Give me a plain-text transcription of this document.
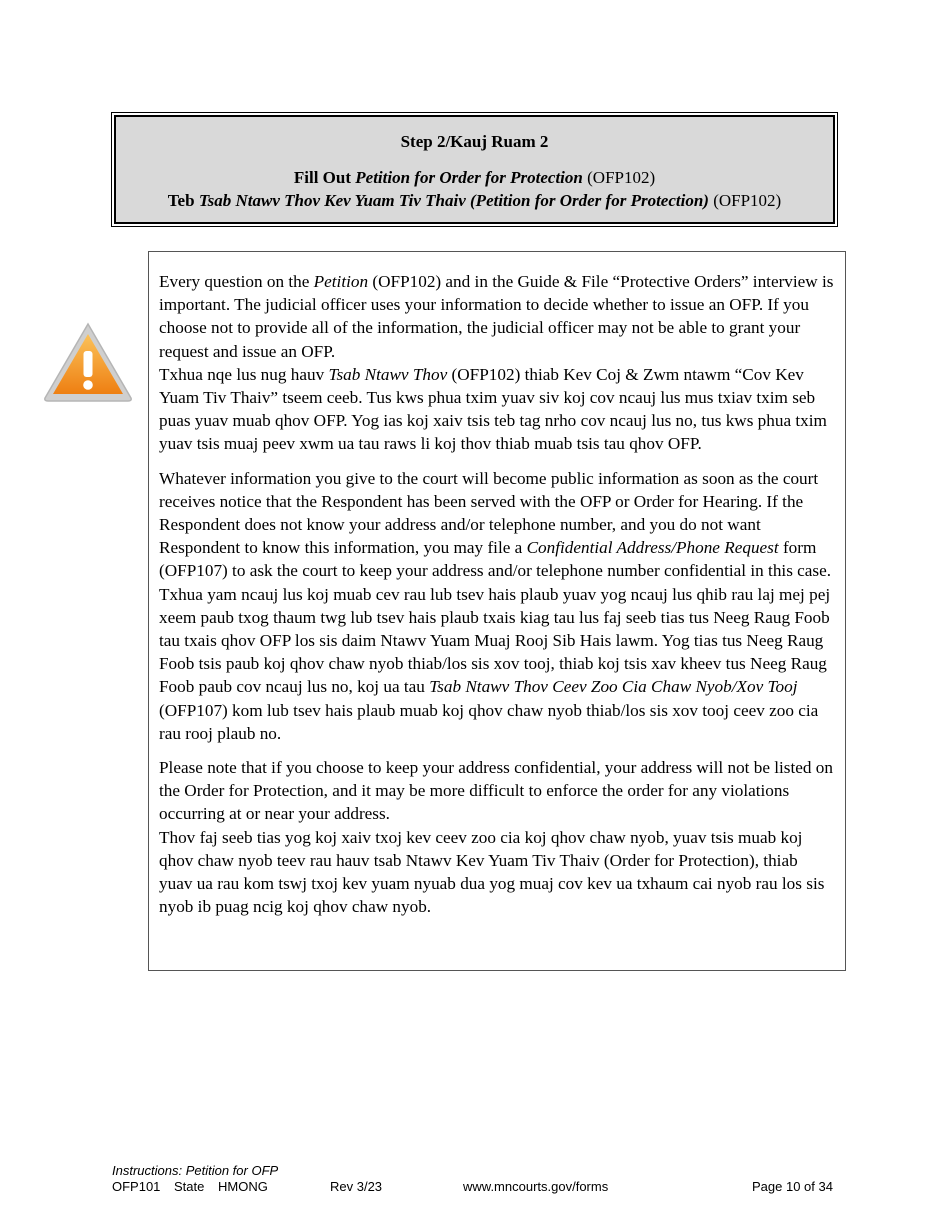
Step 2/Kauj Ruam 2
Fill Out Petition for Order for Protection (OFP102)
Teb Tsab Ntawv Thov Kev Yuam Tiv Thaiv (Petition for Order for Protection) (OFP102)

Every question on the Petition (OFP102) and in the Guide & File “Protective Orders” interview is important. The judicial officer uses your information to decide whether to issue an OFP. If you choose not to provide all of the information, the judicial officer may not be able to grant your request and issue an OFP.
Txhua nqe lus nug hauv Tsab Ntawv Thov (OFP102) thiab Kev Coj & Zwm ntawm “Cov Kev Yuam Tiv Thaiv” tseem ceeb. Tus kws phua txim yuav siv koj cov ncauj lus mus txiav txim seb puas yuav muab qhov OFP. Yog ias koj xaiv tsis teb tag nrho cov ncauj lus no, tus kws phua txim yuav tsis muaj peev xwm ua tau raws li koj thov thiab muab tsis tau qhov OFP.

Whatever information you give to the court will become public information as soon as the court receives notice that the Respondent has been served with the OFP or Order for Hearing. If the Respondent does not know your address and/or telephone number, and you do not want Respondent to know this information, you may file a Confidential Address/Phone Request form (OFP107) to ask the court to keep your address and/or telephone number confidential in this case.
Txhua yam ncauj lus koj muab cev rau lub tsev hais plaub yuav yog ncauj lus qhib rau laj mej pej xeem paub txog thaum twg lub tsev hais plaub txais kiag tau lus faj seeb tias tus Neeg Raug Foob tau txais qhov OFP los sis daim Ntawv Yuam Muaj Rooj Sib Hais lawm. Yog tias tus Neeg Raug Foob tsis paub koj qhov chaw nyob thiab/los sis xov tooj, thiab koj tsis xav kheev tus Neeg Raug Foob paub cov ncauj lus no, koj ua tau Tsab Ntawv Thov Ceev Zoo Cia Chaw Nyob/Xov Tooj (OFP107) kom lub tsev hais plaub muab koj qhov chaw nyob thiab/los sis xov tooj ceev zoo cia rau rooj plaub no.

Please note that if you choose to keep your address confidential, your address will not be listed on the Order for Protection, and it may be more difficult to enforce the order for any violations occurring at or near your address.
Thov faj seeb tias yog koj xaiv txoj kev ceev zoo cia koj qhov chaw nyob, yuav tsis muab koj qhov chaw nyob teev rau hauv tsab Ntawv Kev Yuam Tiv Thaiv (Order for Protection), thiab yuav ua rau kom tswj txoj kev yuam nyuab dua yog muaj cov kev ua txhaum cai nyob rau los sis nyob ib puag ncig koj qhov chaw nyob.

Instructions: Petition for OFP
OFP101 State HMONG	Rev 3/23	www.mncourts.gov/forms	Page 10 of 34
